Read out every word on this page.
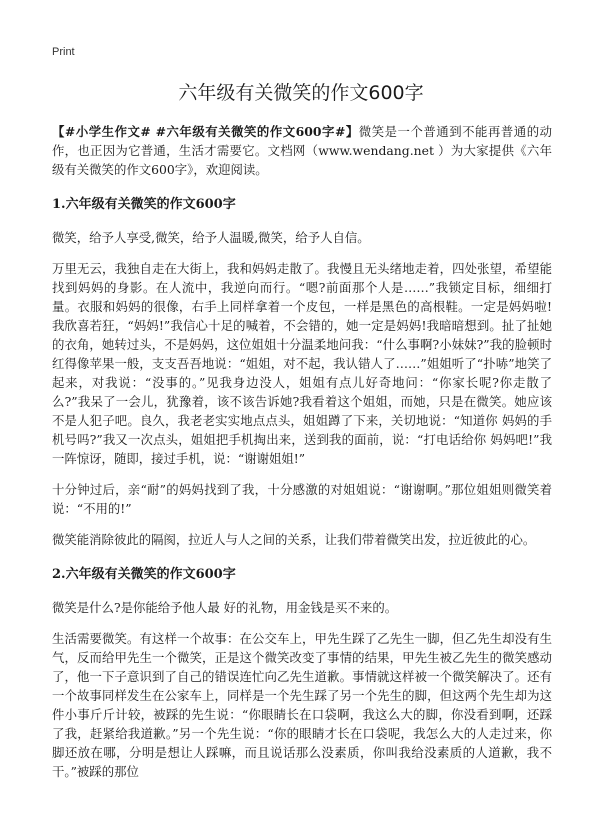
Print
六年级有关微笑的作文600字

【#小学生作文# #六年级有关微笑的作文600字#】微笑是一个普通到不能再普通的动作，也正因为它普通，生活才需要它。文档网（www.wendang.net ）为大家提供《六年级有关微笑的作文600字》，欢迎阅读。

1.六年级有关微笑的作文600字

微笑，给予人享受,微笑，给予人温暖,微笑，给予人自信。

万里无云，我独自走在大街上，我和妈妈走散了。我慢且无头绪地走着，四处张望，希望能找到妈妈的身影。在人流中，我逆向而行。“嗯?前面那个人是……”我锁定目标，细细打量。衣服和妈妈的很像，右手上同样拿着一个皮包，一样是黑色的高根鞋。一定是妈妈啦!我欣喜若狂，“妈妈!”我信心十足的喊着，不会错的，她一定是妈妈!我暗暗想到。扯了扯她的衣角，她转过头，不是妈妈，这位姐姐十分温柔地问我：“什么事啊?小妹妹?”我的脸顿时红得像苹果一般，支支吾吾地说：“姐姐，对不起，我认错人了……”姐姐听了“扑哧”地笑了起来，对我说：“没事的。”见我身边没人，姐姐有点儿好奇地问：“你家长呢?你走散了么?”我呆了一会儿，犹豫着，该不该告诉她?我看着这个姐姐，而她，只是在微笑。她应该不是人犯子吧。良久，我老老实实地点点头，姐姐蹲了下来，关切地说：“知道你 妈妈的手机号吗?”我又一次点头，姐姐把手机掏出来，送到我的面前，说：“打电话给你 妈妈吧!”我一阵惊讶，随即，接过手机，说：“谢谢姐姐!”

十分钟过后，亲“耐”的妈妈找到了我，十分感激的对姐姐说：“谢谢啊。”那位姐姐则微笑着说：“不用的!”

微笑能消除彼此的隔阂，拉近人与人之间的关系，让我们带着微笑出发，拉近彼此的心。

2.六年级有关微笑的作文600字

微笑是什么?是你能给予他人最 好的礼物，用金钱是买不来的。

生活需要微笑。有这样一个故事：在公交车上，甲先生踩了乙先生一脚，但乙先生却没有生气，反而给甲先生一个微笑，正是这个微笑改变了事情的结果，甲先生被乙先生的微笑感动了，他一下子意识到了自己的错误连忙向乙先生道歉。事情就这样被一个微笑解决了。还有一个故事同样发生在公家车上，同样是一个先生踩了另一个先生的脚，但这两个先生却为这件小事斤斤计较，被踩的先生说：“你眼睛长在口袋啊，我这么大的脚，你没看到啊，还踩了我，赶紧给我道歉。”另一个先生说：“你的眼睛才长在口袋呢，我怎么大的人走过来，你脚还放在哪，分明是想让人踩嘛，而且说话那么没素质，你叫我给没素质的人道歉，我不干。”被踩的那位
